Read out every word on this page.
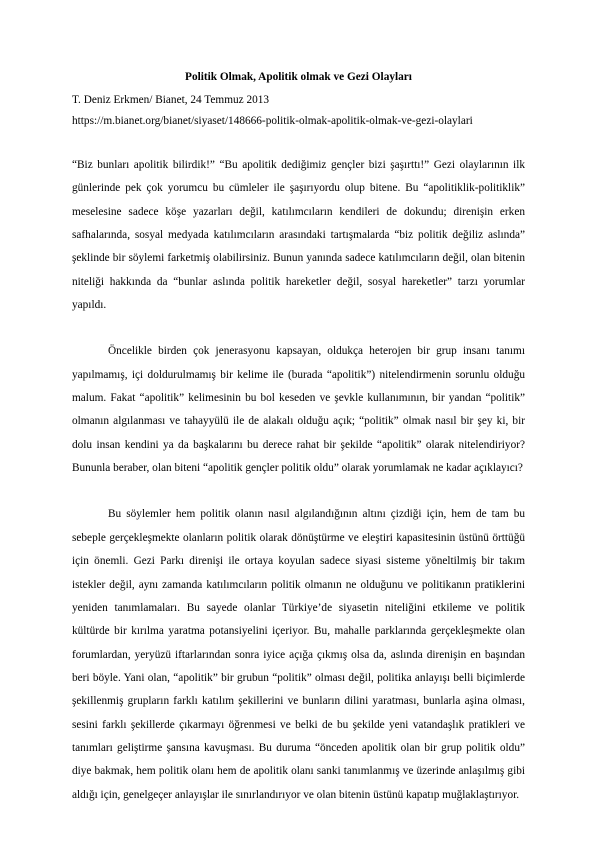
Politik Olmak, Apolitik olmak ve Gezi Olayları
T. Deniz Erkmen/ Bianet, 24 Temmuz 2013
https://m.bianet.org/bianet/siyaset/148666-politik-olmak-apolitik-olmak-ve-gezi-olaylari

“Biz bunları apolitik bilirdik!” “Bu apolitik dediğimiz gençler bizi şaşırttı!” Gezi olaylarının ilk günlerinde pek çok yorumcu bu cümleler ile şaşırıyordu olup bitene. Bu “apolitiklik-politiklik” meselesine sadece köşe yazarları değil, katılımcıların kendileri de dokundu; direnişin erken safhalarında, sosyal medyada katılımcıların arasındaki tartışmalarda “biz politik değiliz aslında” şeklinde bir söylemi farketmiş olabilirsiniz. Bunun yanında sadece katılımcıların değil, olan bitenin niteliği hakkında da “bunlar aslında politik hareketler değil, sosyal hareketler” tarzı yorumlar yapıldı.

Öncelikle birden çok jenerasyonu kapsayan, oldukça heterojen bir grup insanı tanımı yapılmamış, içi doldurulmamış bir kelime ile (burada “apolitik”) nitelendirmenin sorunlu olduğu malum. Fakat “apolitik” kelimesinin bu bol keseden ve şevkle kullanımının, bir yandan “politik” olmanın algılanması ve tahayyülü ile de alakalı olduğu açık; “politik” olmak nasıl bir şey ki, bir dolu insan kendini ya da başkalarını bu derece rahat bir şekilde “apolitik” olarak nitelendiriyor? Bununla beraber, olan biteni “apolitik gençler politik oldu” olarak yorumlamak ne kadar açıklayıcı?

Bu söylemler hem politik olanın nasıl algılandığının altını çizdiği için, hem de tam bu sebeple gerçekleşmekte olanların politik olarak dönüştürme ve eleştiri kapasitesinin üstünü örttüğü için önemli. Gezi Parkı direnişi ile ortaya koyulan sadece siyasi sisteme yöneltilmiş bir takım istekler değil, aynı zamanda katılımcıların politik olmanın ne olduğunu ve politikanın pratiklerini yeniden tanımlamaları. Bu sayede olanlar Türkiye’de siyasetin niteliğini etkileme ve politik kültürde bir kırılma yaratma potansiyelini içeriyor. Bu, mahalle parklarında gerçekleşmekte olan forumlardan, yeryüzü iftarlarından sonra iyice açığa çıkmış olsa da, aslında direnişin en başından beri böyle. Yani olan, “apolitik” bir grubun “politik” olması değil, politika anlayışı belli biçimlerde şekillenmiş grupların farklı katılım şekillerini ve bunların dilini yaratması, bunlarla aşina olması, sesini farklı şekillerde çıkarmayı öğrenmesi ve belki de bu şekilde yeni vatandaşlık pratikleri ve tanımları geliştirme şansına kavuşması. Bu duruma “önceden apolitik olan bir grup politik oldu” diye bakmak, hem politik olanı hem de apolitik olanı sanki tanımlanmış ve üzerinde anlaşılmış gibi aldığı için, genelgeçer anlayışlar ile sınırlandırıyor ve olan bitenin üstünü kapatıp muğlaklaştırıyor.
